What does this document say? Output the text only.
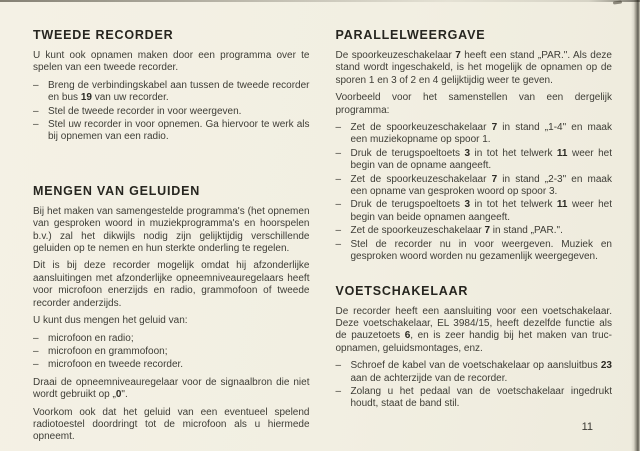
TWEEDE RECORDER

U kunt ook opnamen maken door een programma over te spelen van een tweede recorder.

– Breng de verbindingskabel aan tussen de tweede recorder en bus 19 van uw recorder.
– Stel de tweede recorder in voor weergeven.
– Stel uw recorder in voor opnemen. Ga hiervoor te werk als bij opnemen van een radio.
MENGEN VAN GELUIDEN

Bij het maken van samengestelde programma's (het opnemen van gesproken woord in muziekprogramma's en hoorspelen b.v.) zal het dikwijls nodig zijn gelijktijdig verschillende geluiden op te nemen en hun sterkte onderling te regelen.

Dit is bij deze recorder mogelijk omdat hij afzonderlijke aansluitingen met afzonderlijke opneemniveauregelaars heeft voor microfoon enerzijds en radio, grammofoon of tweede recorder anderzijds.

U kunt dus mengen het geluid van:

– microfoon en radio;
– microfoon en grammofoon;
– microfoon en tweede recorder.

Draai de opneemniveauregelaar voor de signaalbron die niet wordt gebruikt op „0".

Voorkom ook dat het geluid van een eventueel spelend radiotoestel doordringt tot de microfoon als u hiermede opneemt.

PARALLELWEERGAVE

De spoorkeuzeschakelaar 7 heeft een stand „PAR.". Als deze stand wordt ingeschakeld, is het mogelijk de opnamen op de sporen 1 en 3 of 2 en 4 gelijktijdig weer te geven.

Voorbeeld voor het samenstellen van een dergelijk programma:

– Zet de spoorkeuzeschakelaar 7 in stand „1-4" en maak een muziekopname op spoor 1.
– Druk de terugspoeltoets 3 in tot het telwerk 11 weer het begin van de opname aangeeft.
– Zet de spoorkeuzeschakelaar 7 in stand „2-3" en maak een opname van gesproken woord op spoor 3.
– Druk de terugspoeltoets 3 in tot het telwerk 11 weer het begin van beide opnamen aangeeft.
– Zet de spoorkeuzeschakelaar 7 in stand „PAR.".
– Stel de recorder nu in voor weergeven. Muziek en gesproken woord worden nu gezamenlijk weergegeven.
VOETSCHAKELAAR

De recorder heeft een aansluiting voor een voetschakelaar. Deze voetschakelaar, EL 3984/15, heeft dezelfde functie als de pauzetoets 6, en is zeer handig bij het maken van truc-opnamen, geluidsmontages, enz.

– Schroef de kabel van de voetschakelaar op aansluitbus 23 aan de achterzijde van de recorder.
– Zolang u het pedaal van de voetschakelaar ingedrukt houdt, staat de band stil.
11
